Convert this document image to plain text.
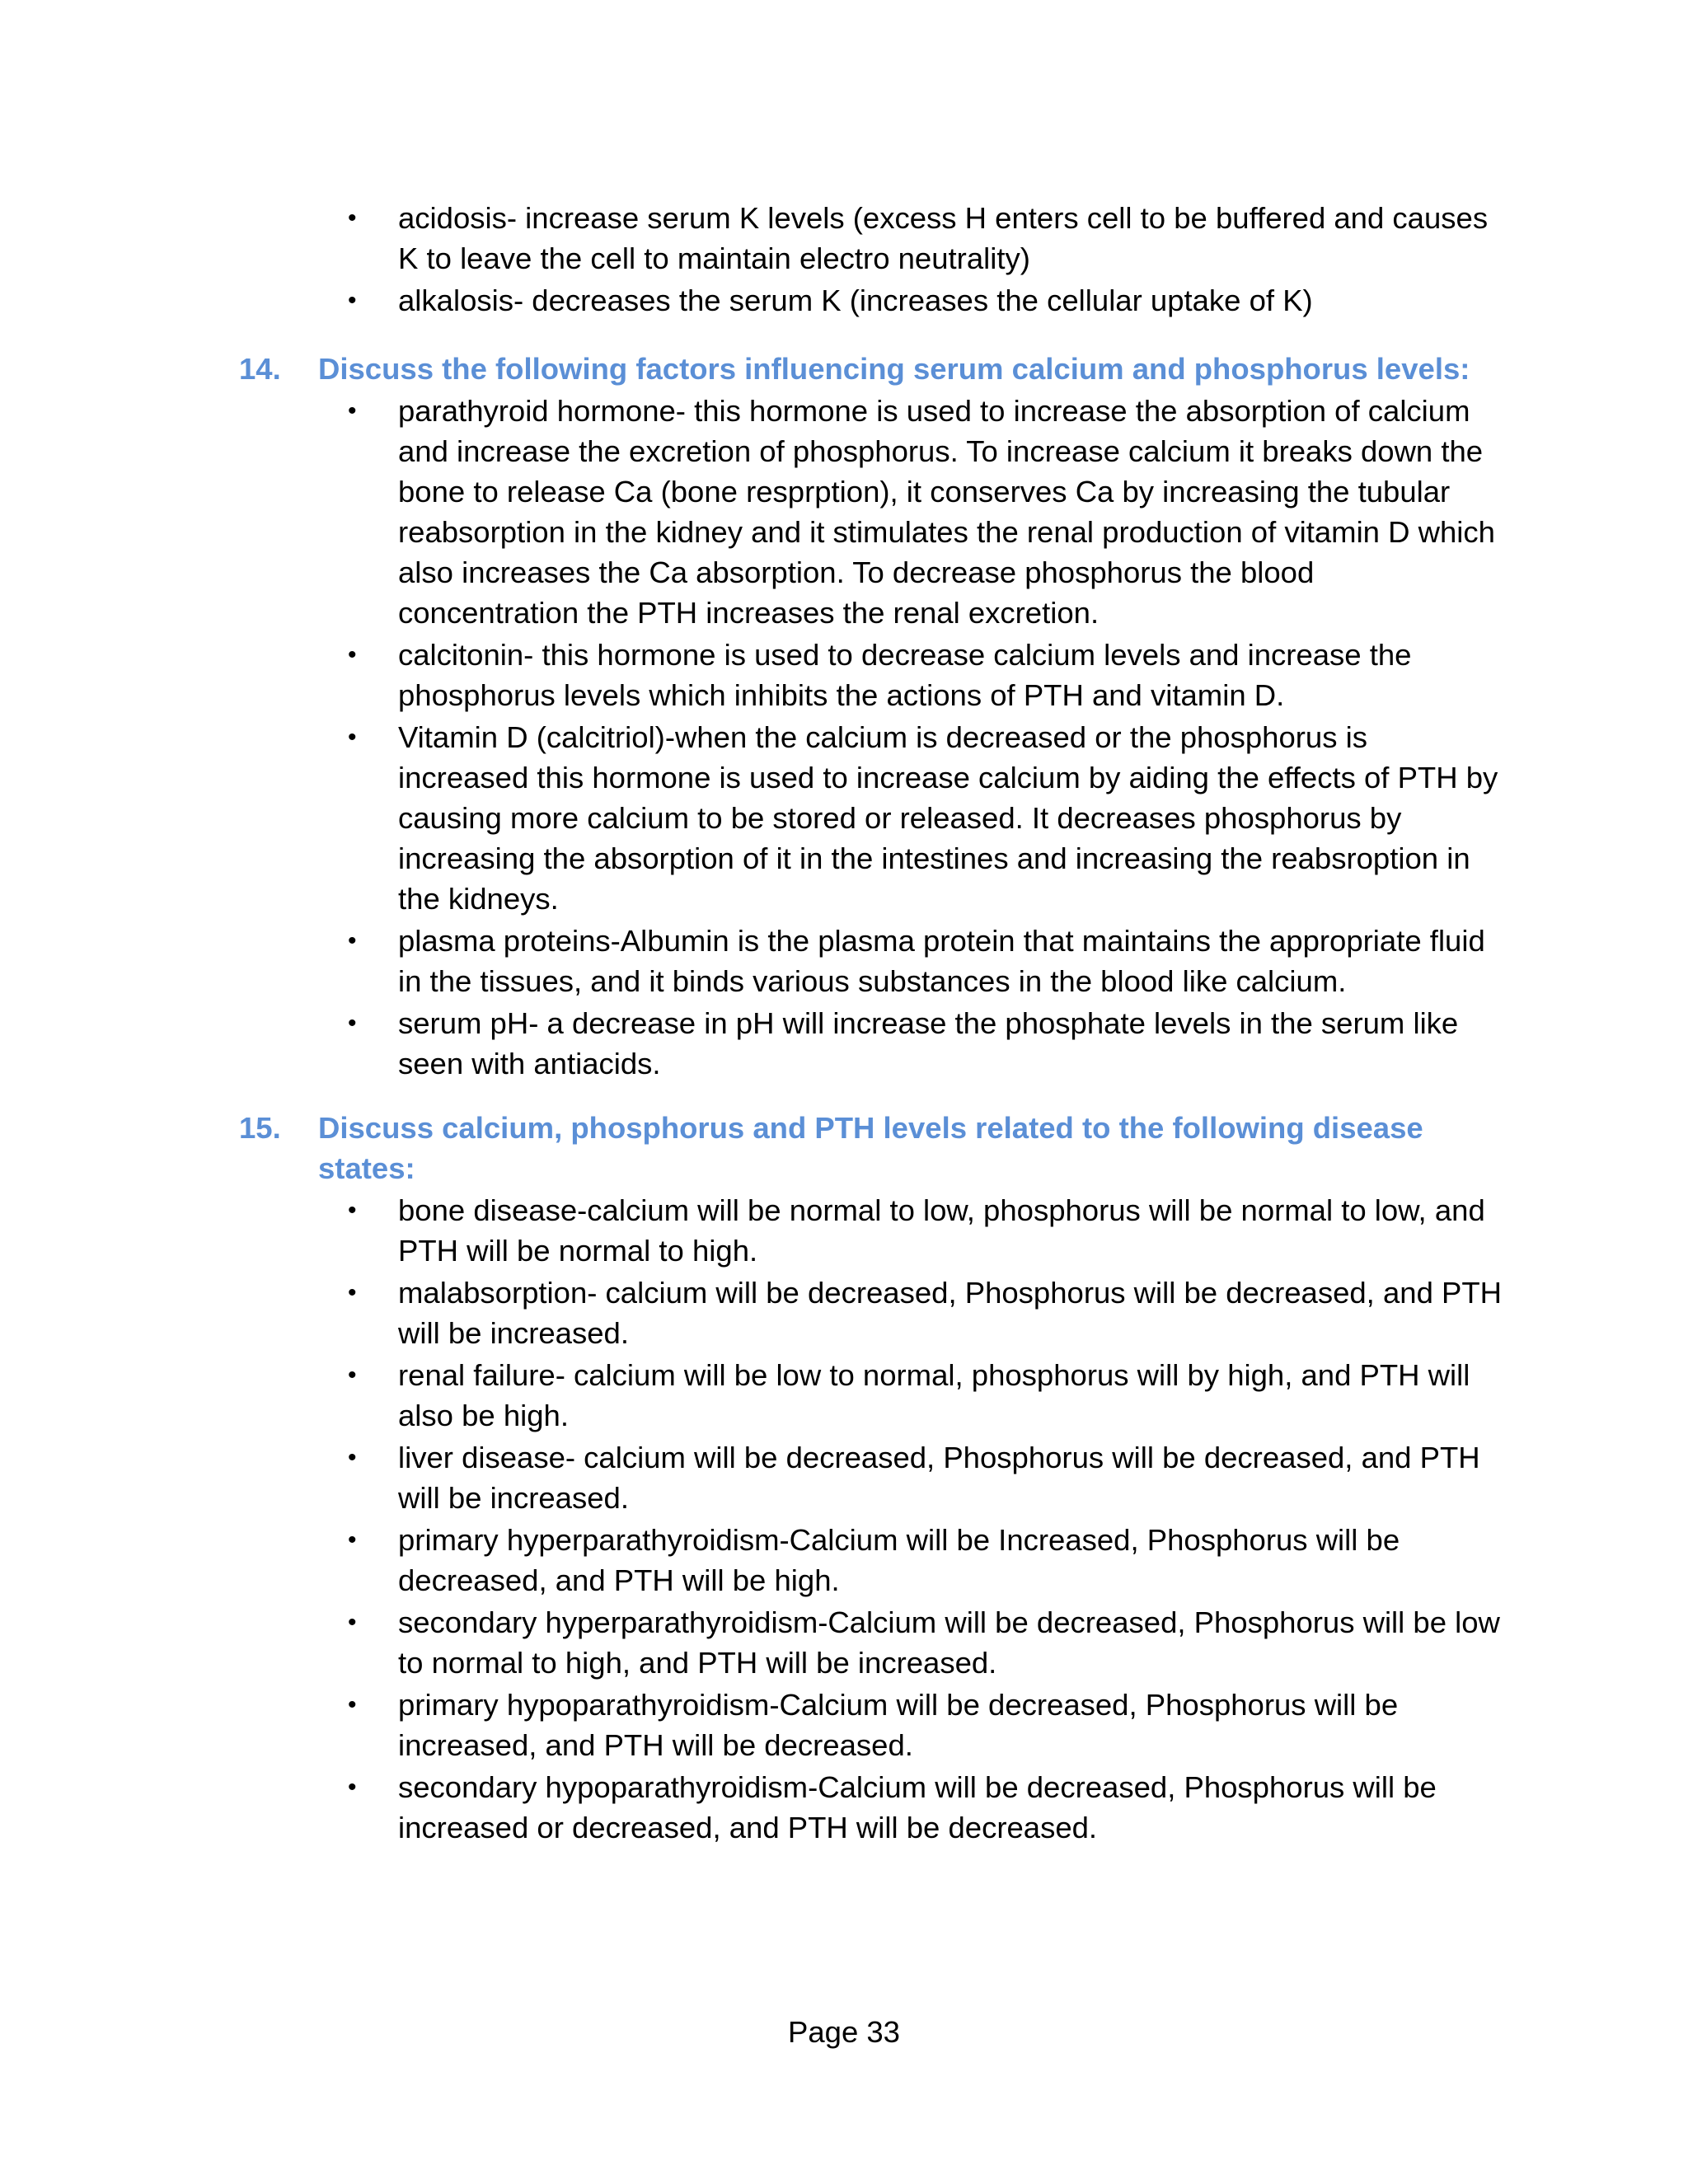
• acidosis- increase serum K levels (excess H enters cell to be buffered and causes K to leave the cell to maintain electro neutrality)
• alkalosis- decreases the serum K (increases the cellular uptake of K)
14. Discuss the following factors influencing serum calcium and phosphorus levels:
• parathyroid hormone- this hormone is used to increase the absorption of calcium and increase the excretion of phosphorus. To increase calcium it breaks down the bone to release Ca (bone resprption), it conserves Ca by increasing the tubular reabsorption in the kidney and it stimulates the renal production of vitamin D which also increases the Ca absorption. To decrease phosphorus the blood concentration the PTH increases the renal excretion.
• calcitonin- this hormone is used to decrease calcium levels and increase the phosphorus levels which inhibits the actions of PTH and vitamin D.
• Vitamin D (calcitriol)-when the calcium is decreased or the phosphorus is increased this hormone is used to increase calcium by aiding the effects of PTH by causing more calcium to be stored or released. It decreases phosphorus by increasing the absorption of it in the intestines and increasing the reabsroption in the kidneys.
• plasma proteins-Albumin is the plasma protein that maintains the appropriate fluid in the tissues, and it binds various substances in the blood like calcium.
• serum pH- a decrease in pH will increase the phosphate levels in the serum like seen with antiacids.
15. Discuss calcium, phosphorus and PTH levels related to the following disease states:
• bone disease-calcium will be normal to low, phosphorus will be normal to low, and PTH will be normal to high.
• malabsorption- calcium will be decreased, Phosphorus will be decreased, and PTH will be increased.
• renal failure- calcium will be low to normal, phosphorus will by high, and PTH will also be high.
• liver disease- calcium will be decreased, Phosphorus will be decreased, and PTH will be increased.
• primary hyperparathyroidism-Calcium will be Increased, Phosphorus will be decreased, and PTH will be high.
• secondary hyperparathyroidism-Calcium will be decreased, Phosphorus will be low to normal to high, and PTH will be increased.
• primary hypoparathyroidism-Calcium will be decreased, Phosphorus will be increased, and PTH will be decreased.
• secondary hypoparathyroidism-Calcium will be decreased, Phosphorus will be increased or decreased, and PTH will be decreased.
Page 33
